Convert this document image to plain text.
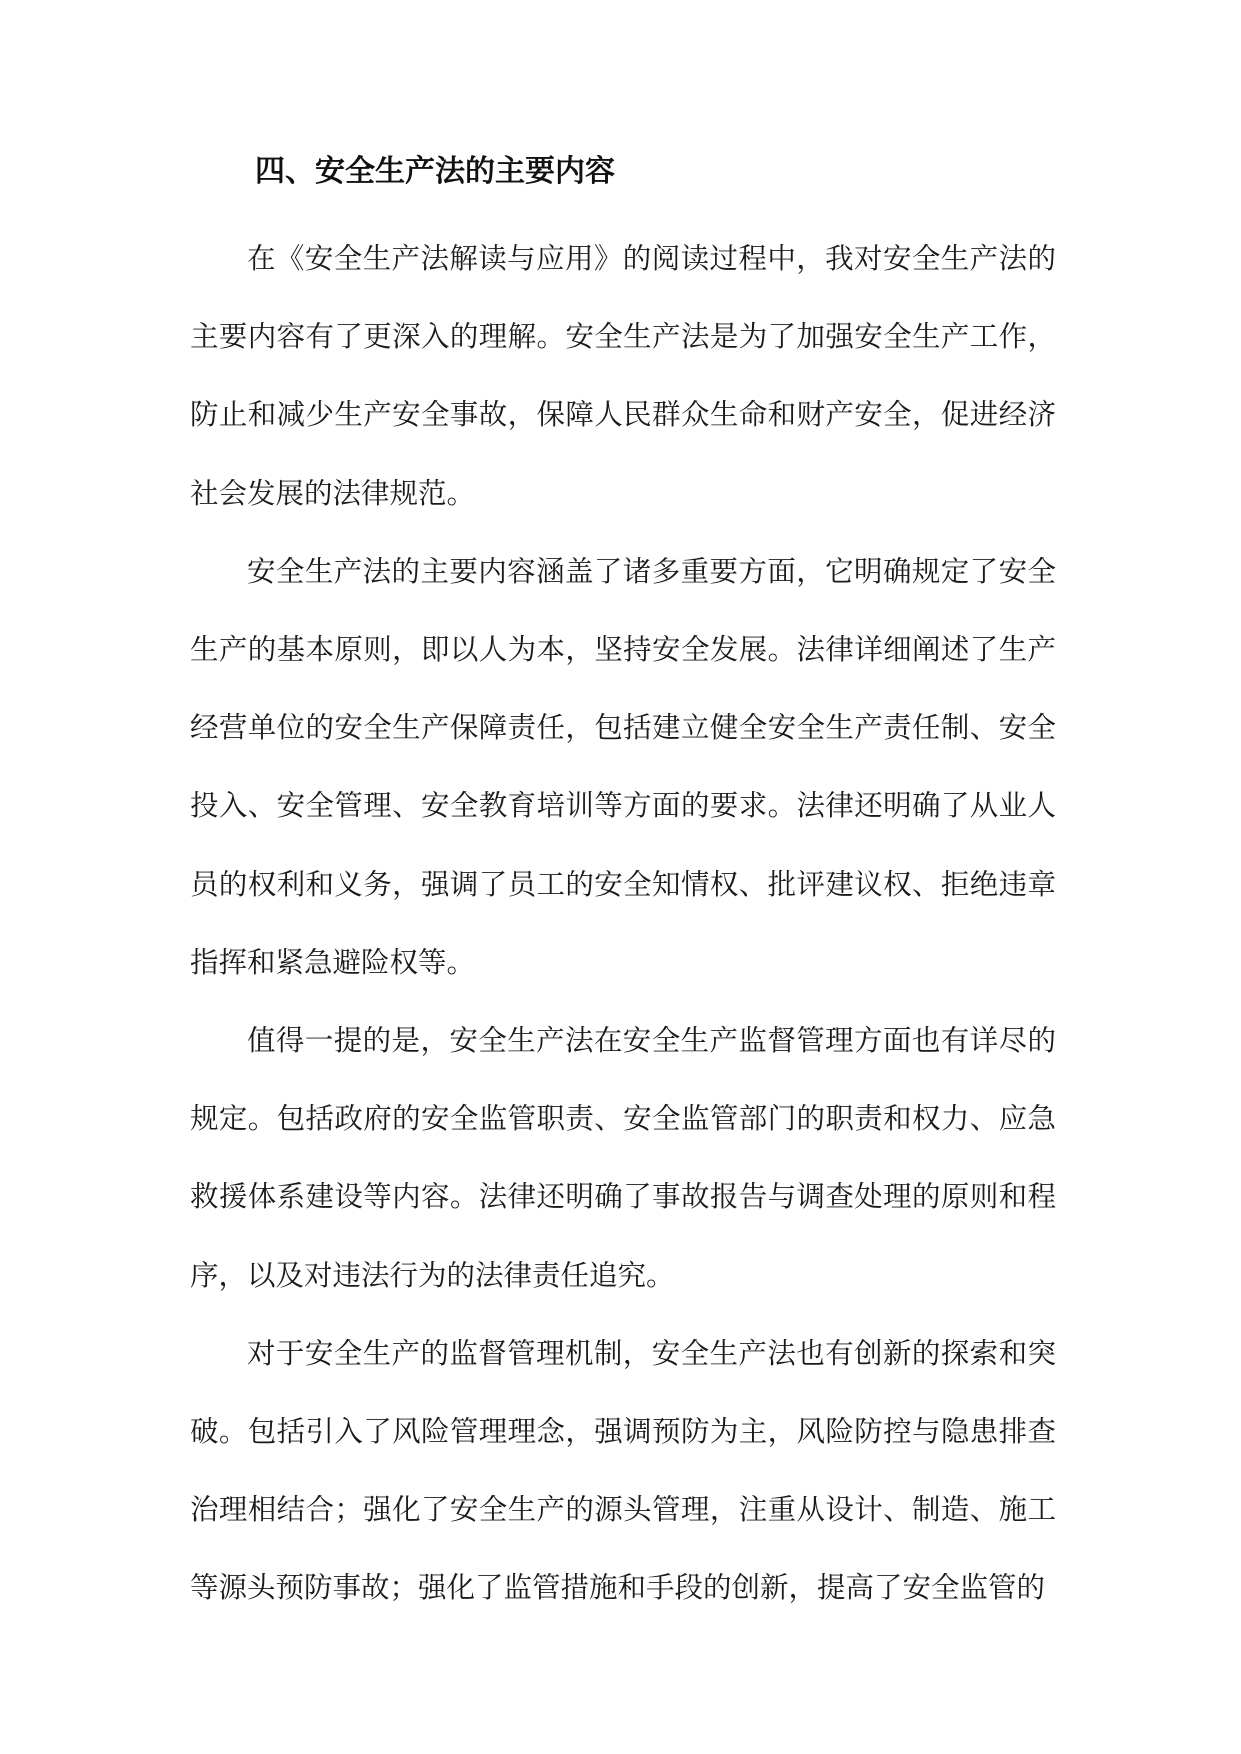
四、安全生产法的主要内容

在《安全生产法解读与应用》的阅读过程中，我对安全生产法的主要内容有了更深入的理解。安全生产法是为了加强安全生产工作，防止和减少生产安全事故，保障人民群众生命和财产安全，促进经济社会发展的法律规范。

安全生产法的主要内容涵盖了诸多重要方面，它明确规定了安全生产的基本原则，即以人为本，坚持安全发展。法律详细阐述了生产经营单位的安全生产保障责任，包括建立健全安全生产责任制、安全投入、安全管理、安全教育培训等方面的要求。法律还明确了从业人员的权利和义务，强调了员工的安全知情权、批评建议权、拒绝违章指挥和紧急避险权等。

值得一提的是，安全生产法在安全生产监督管理方面也有详尽的规定。包括政府的安全监管职责、安全监管部门的职责和权力、应急救援体系建设等内容。法律还明确了事故报告与调查处理的原则和程序，以及对违法行为的法律责任追究。

对于安全生产的监督管理机制，安全生产法也有创新的探索和突破。包括引入了风险管理理念，强调预防为主，风险防控与隐患排查治理相结合；强化了安全生产的源头管理，注重从设计、制造、施工等源头预防事故；强化了监管措施和手段的创新，提高了安全监管的
